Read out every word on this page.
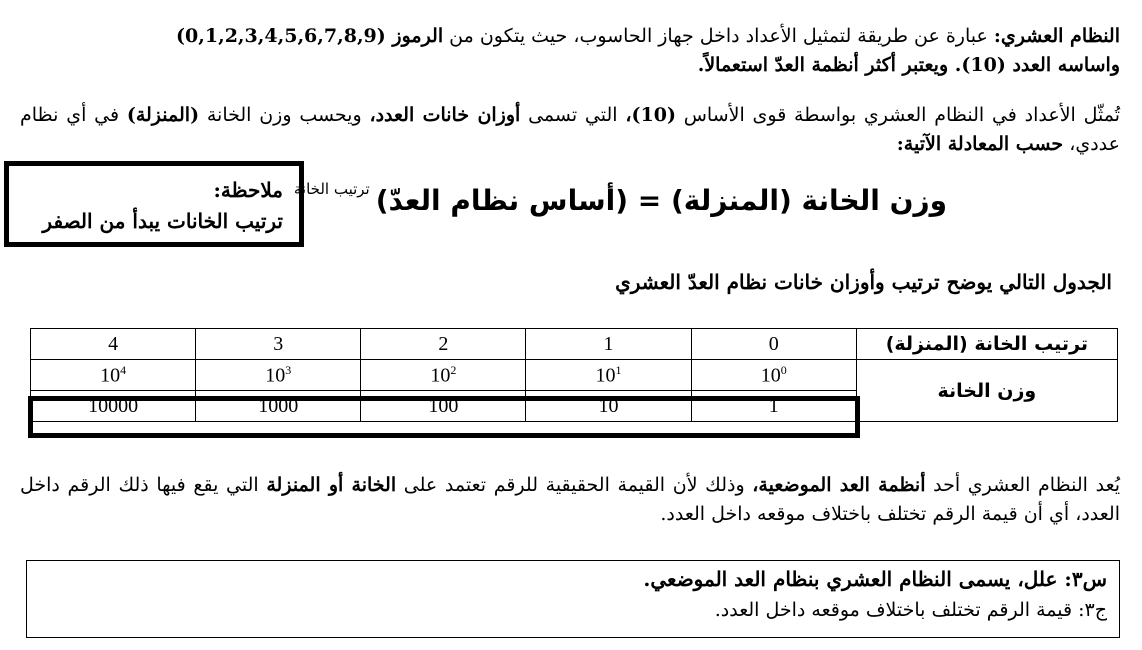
النظام العشري: عبارة عن طريقة لتمثيل الأعداد داخل جهاز الحاسوب، حيث يتكون من الرموز (0,1,2,3,4,5,6,7,8,9)
واساسه العدد (10). ويعتبر أكثر أنظمة العدّ استعمالاً.

تُمثّل الأعداد في النظام العشري بواسطة قوى الأساس (10)، التي تسمى أوزان خانات العدد، ويحسب وزن الخانة (المنزلة) في أي نظام عددي، حسب المعادلة الآتية:

ملاحظة:
ترتيب الخانات يبدأ من الصفر
وزن الخانة (المنزلة) = (أساس نظام العدّ)$^{ترتيب الخانة}$
الجدول التالي يوضح ترتيب وأوزان خانات نظام العدّ العشري
ترتيب الخانة (المنزلة)	0	1	2	3	4
وزن الخانة	$10^0$	$10^1$	$10^2$	$10^3$	$10^4$
	1	10	100	1000	10000

يُعد النظام العشري أحد أنظمة العد الموضعية، وذلك لأن القيمة الحقيقية للرقم تعتمد على الخانة أو المنزلة التي يقع فيها ذلك الرقم داخل العدد، أي أن قيمة الرقم تختلف باختلاف موقعه داخل العدد.

س٣: علل، يسمى النظام العشري بنظام العد الموضعي.
ج٣: قيمة الرقم تختلف باختلاف موقعه داخل العدد.
